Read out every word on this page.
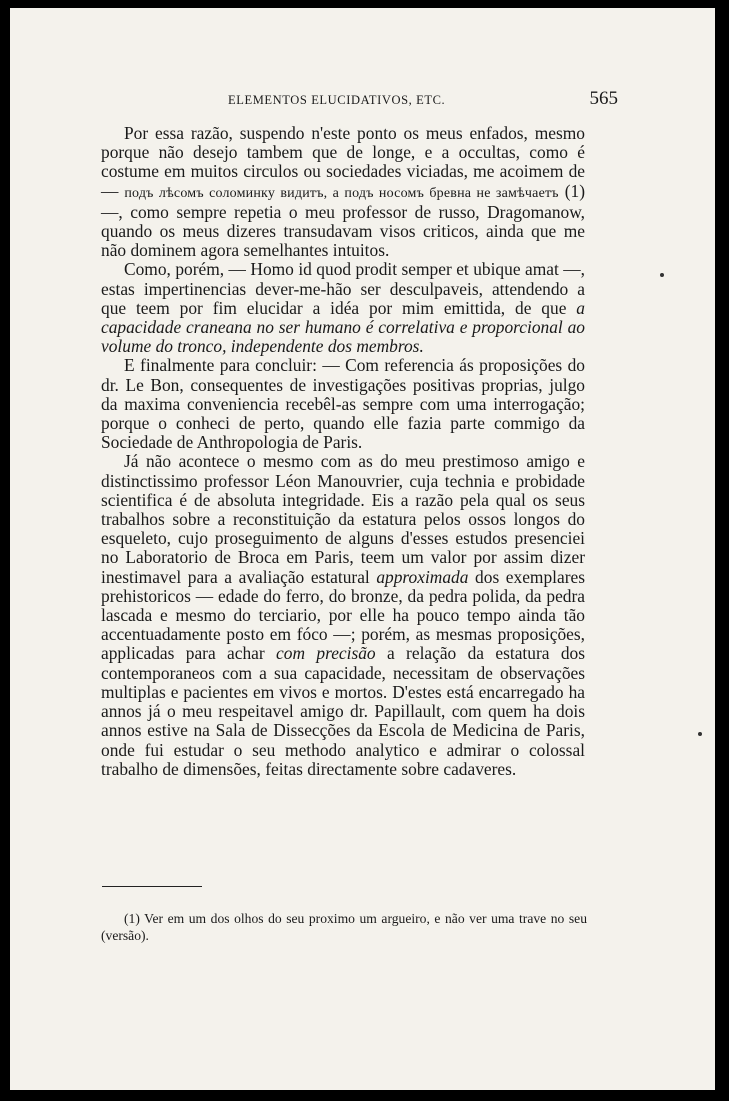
ELEMENTOS ELUCIDATIVOS, ETC.	565

Por essa razão, suspendo n'este ponto os meus enfados, mesmo porque não desejo tambem que de longe, e a occultas, como é costume em muitos circulos ou sociedades viciadas, me acoimem de — подъ лѣсомъ соломинку видитъ, а подъ носомъ бревна не замѣчаетъ (1) —, como sempre repetia o meu professor de russo, Dragomanow, quando os meus dizeres transudavam visos criticos, ainda que me não dominem agora semelhantes intuitos.

Como, porém, — Homo id quod prodit semper et ubique amat —, estas impertinencias dever-me-hão ser desculpaveis, attendendo a que teem por fim elucidar a idéa por mim emittida, de que a capacidade craneana no ser humano é correlativa e proporcional ao volume do tronco, independente dos membros.

E finalmente para concluir: — Com referencia ás proposições do dr. Le Bon, consequentes de investigações positivas proprias, julgo da maxima conveniencia recebêl-as sempre com uma interrogação; porque o conheci de perto, quando elle fazia parte commigo da Sociedade de Anthropologia de Paris.

Já não acontece o mesmo com as do meu prestimoso amigo e distinctissimo professor Léon Manouvrier, cuja technia e probidade scientifica é de absoluta integridade. Eis a razão pela qual os seus trabalhos sobre a reconstituição da estatura pelos ossos longos do esqueleto, cujo proseguimento de alguns d'esses estudos presenciei no Laboratorio de Broca em Paris, teem um valor por assim dizer inestimavel para a avaliação estatural approximada dos exemplares prehistoricos — edade do ferro, do bronze, da pedra polida, da pedra lascada e mesmo do terciario, por elle ha pouco tempo ainda tão accentuadamente posto em fóco —; porém, as mesmas proposições, applicadas para achar com precisão a relação da estatura dos contemporaneos com a sua capacidade, necessitam de observações multiplas e pacientes em vivos e mortos. D'estes está encarregado ha annos já o meu respeitavel amigo dr. Papillault, com quem ha dois annos estive na Sala de Dissecções da Escola de Medicina de Paris, onde fui estudar o seu methodo analytico e admirar o colossal trabalho de dimensões, feitas directamente sobre cadaveres.

(1) Ver em um dos olhos do seu proximo um argueiro, e não ver uma trave no seu (versão).
